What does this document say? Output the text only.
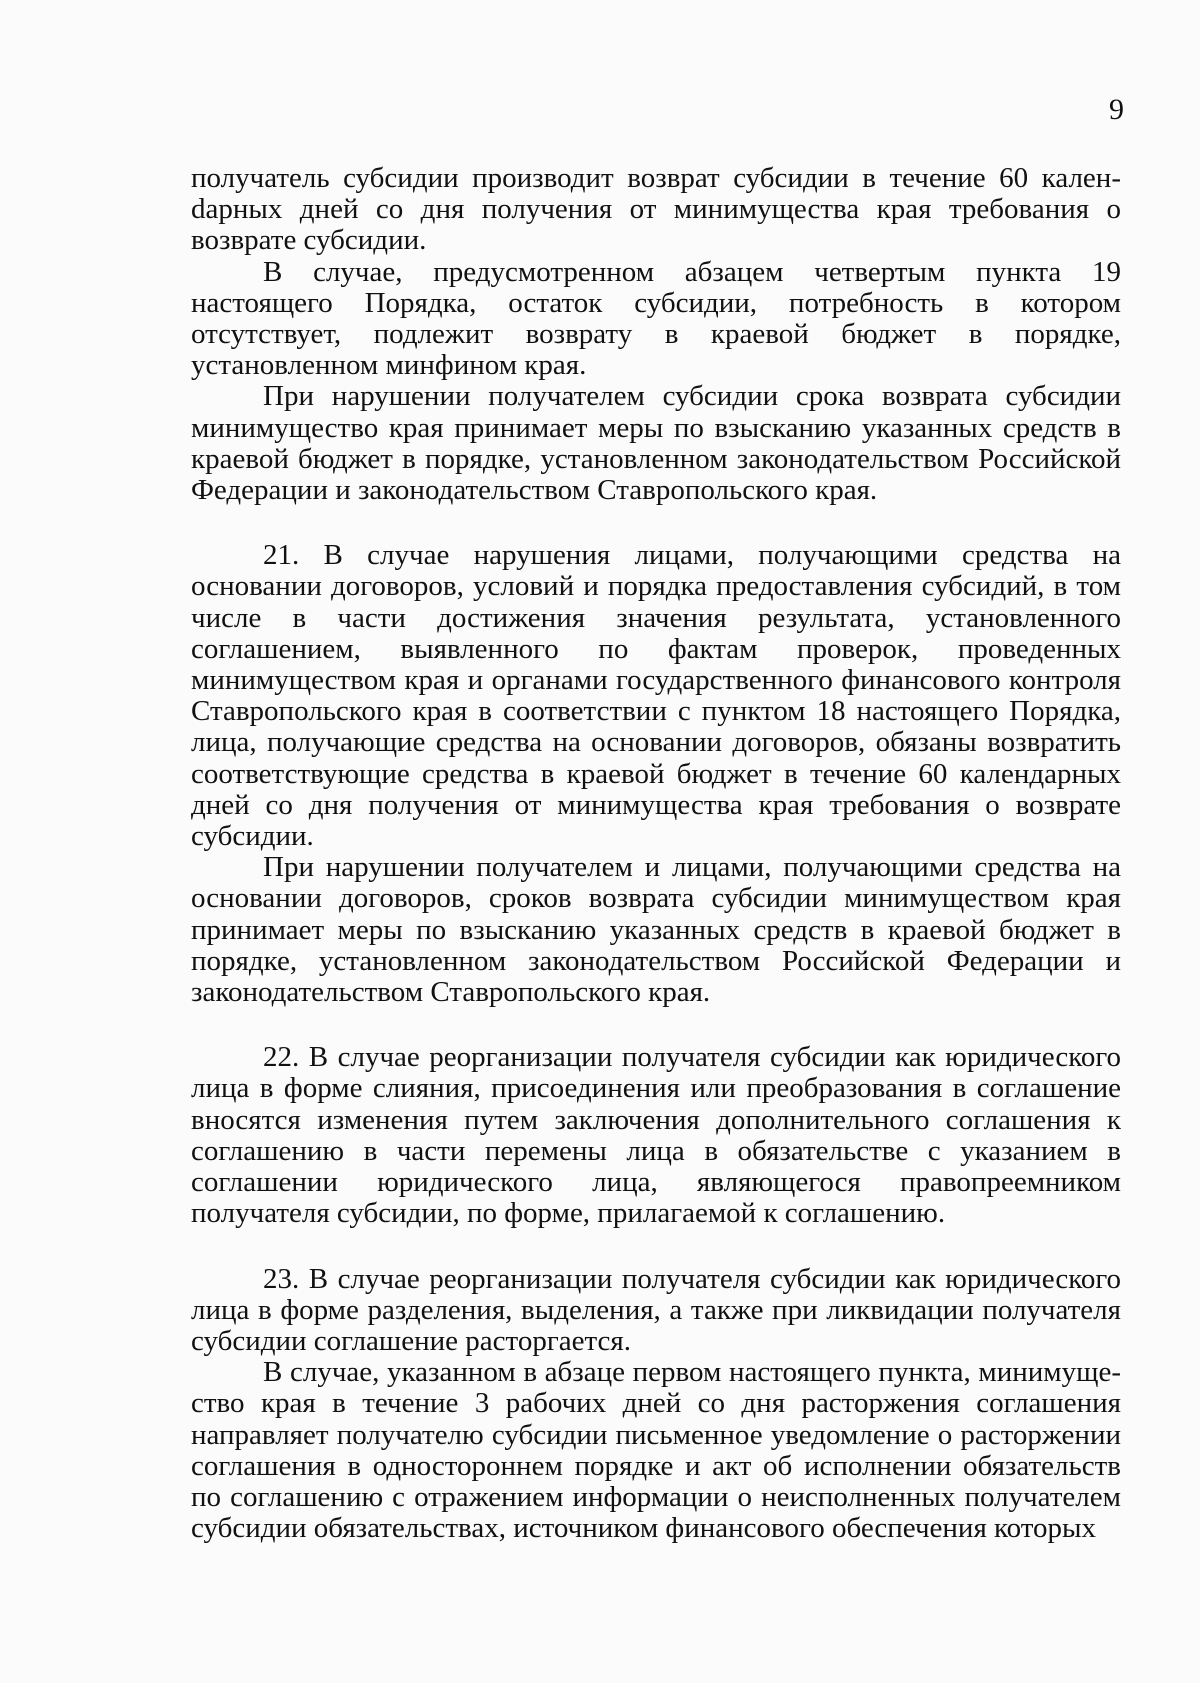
9

получатель субсидии производит возврат субсидии в течение 60 каленdарных дней со дня получения от минимущества края требования о возврате субсидии.

В случае, предусмотренном абзацем четвертым пункта 19 настоящего Порядка, остаток субсидии, потребность в котором отсутствует, подлежит возврату в краевой бюджет в порядке, установленном минфином края.

При нарушении получателем субсидии срока возврата субсидии минимущество края принимает меры по взысканию указанных средств в краевой бюджет в порядке, установленном законодательством Российской Федерации и законодательством Ставропольского края.

21. В случае нарушения лицами, получающими средства на основании договоров, условий и порядка предоставления субсидий, в том числе в части достижения значения результата, установленного соглашением, выявленного по фактам проверок, проведенных минимуществом края и органами государственного финансового контроля Ставропольского края в соответствии с пунктом 18 настоящего Порядка, лица, получающие средства на основании договоров, обязаны возвратить соответствующие средства в краевой бюджет в течение 60 календарных дней со дня получения от минимущества края требования о возврате субсидии.

При нарушении получателем и лицами, получающими средства на основании договоров, сроков возврата субсидии минимуществом края принимает меры по взысканию указанных средств в краевой бюджет в порядке, установленном законодательством Российской Федерации и законодательством Ставропольского края.

22. В случае реорганизации получателя субсидии как юридического лица в форме слияния, присоединения или преобразования в соглашение вносятся изменения путем заключения дополнительного соглашения к соглашению в части перемены лица в обязательстве с указанием в соглашении юридического лица, являющегося правопреемником получателя субсидии, по форме, прилагаемой к соглашению.

23. В случае реорганизации получателя субсидии как юридического лица в форме разделения, выделения, а также при ликвидации получателя субсидии соглашение расторгается.

В случае, указанном в абзаце первом настоящего пункта, минимущество края в течение 3 рабочих дней со дня расторжения соглашения направляет получателю субсидии письменное уведомление о расторжении соглашения в одностороннем порядке и акт об исполнении обязательств по соглашению с отражением информации о неисполненных получателем субсидии обязательствах, источником финансового обеспечения которых
